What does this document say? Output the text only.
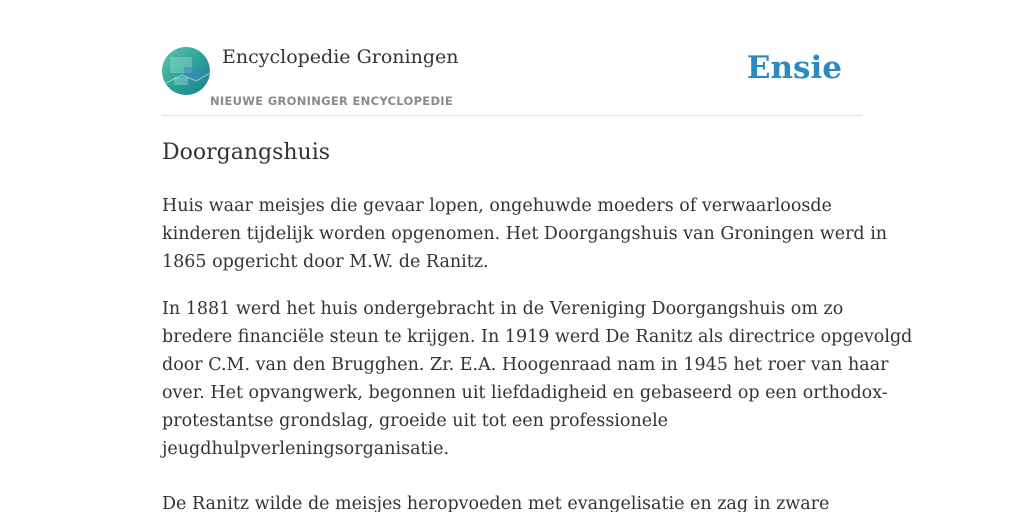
Encyclopedie Groningen
NIEUWE GRONINGER ENCYCLOPEDIE
Ensie
Doorgangshuis

Huis waar meisjes die gevaar lopen, ongehuwde moeders of verwaarloosde
kinderen tijdelijk worden opgenomen. Het Doorgangshuis van Groningen werd in
1865 opgericht door M.W. de Ranitz.

In 1881 werd het huis ondergebracht in de Vereniging Doorgangshuis om zo
bredere financiële steun te krijgen. In 1919 werd De Ranitz als directrice opgevolgd
door C.M. van den Brugghen. Zr. E.A. Hoogenraad nam in 1945 het roer van haar
over. Het opvangwerk, begonnen uit liefdadigheid en gebaseerd op een orthodox-
protestantse grondslag, groeide uit tot een professionele
jeugdhulpverleningsorganisatie.

De Ranitz wilde de meisjes heropvoeden met evangelisatie en zag in zware
